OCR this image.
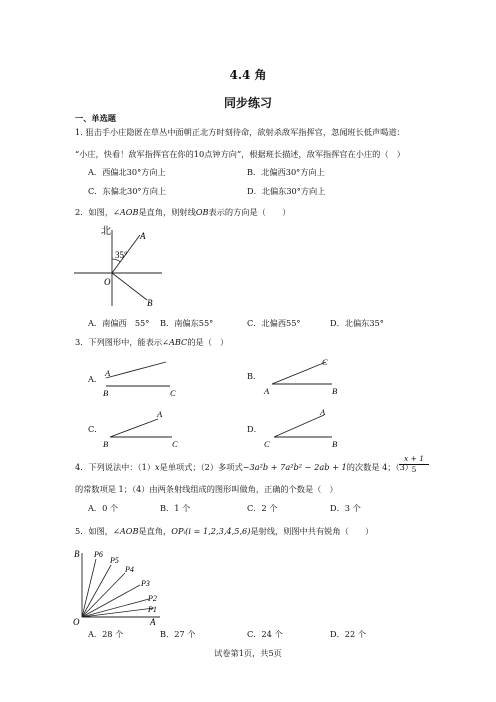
4.4 角
同步练习
一、单选题
1. 狙击手小庄隐匿在草丛中面朝正北方时刻待命，欲射杀敌军指挥官，忽闻班长低声喝道：
“小庄，快看！敌军指挥官在你的10点钟方向”，根据班长描述，敌军指挥官在小庄的（　）
A．西偏北30°方向上	B．北偏西30°方向上
C．东偏北30°方向上	D．北偏东30°方向上
2．如图，∠AOB是直角，则射线OB表示的方向是（　　）
北
35°
A
O
B
A．南偏西　55° B．南偏东55°	C．北偏西55°	D．北偏东35°
3．下列图形中，能表示∠ABC的是（　）
A．
A
B	C
B．
C
A	B
C．
A
B	C
D．
A
C	B
4．下列说法中：（1）x是单项式；（2）多项式−3a²b + 7a²b² − 2ab + 1的次数是 4；（3）
$\frac{x + 1}{5}$
的常数项是 1；（4）由两条射线组成的图形叫做角，正确的个数是（　）
A．0 个	B．1 个	C．2 个	D．3 个
5．如图，∠AOB是直角，OPᵢ(i = 1,2,3,4,5,6)是射线，则图中共有锐角（　　）
B
O	A
P6
P5
P4
P3
P2
P1
A．28 个	B．27 个	C．24 个	D．22 个
试卷第1页，共5页
